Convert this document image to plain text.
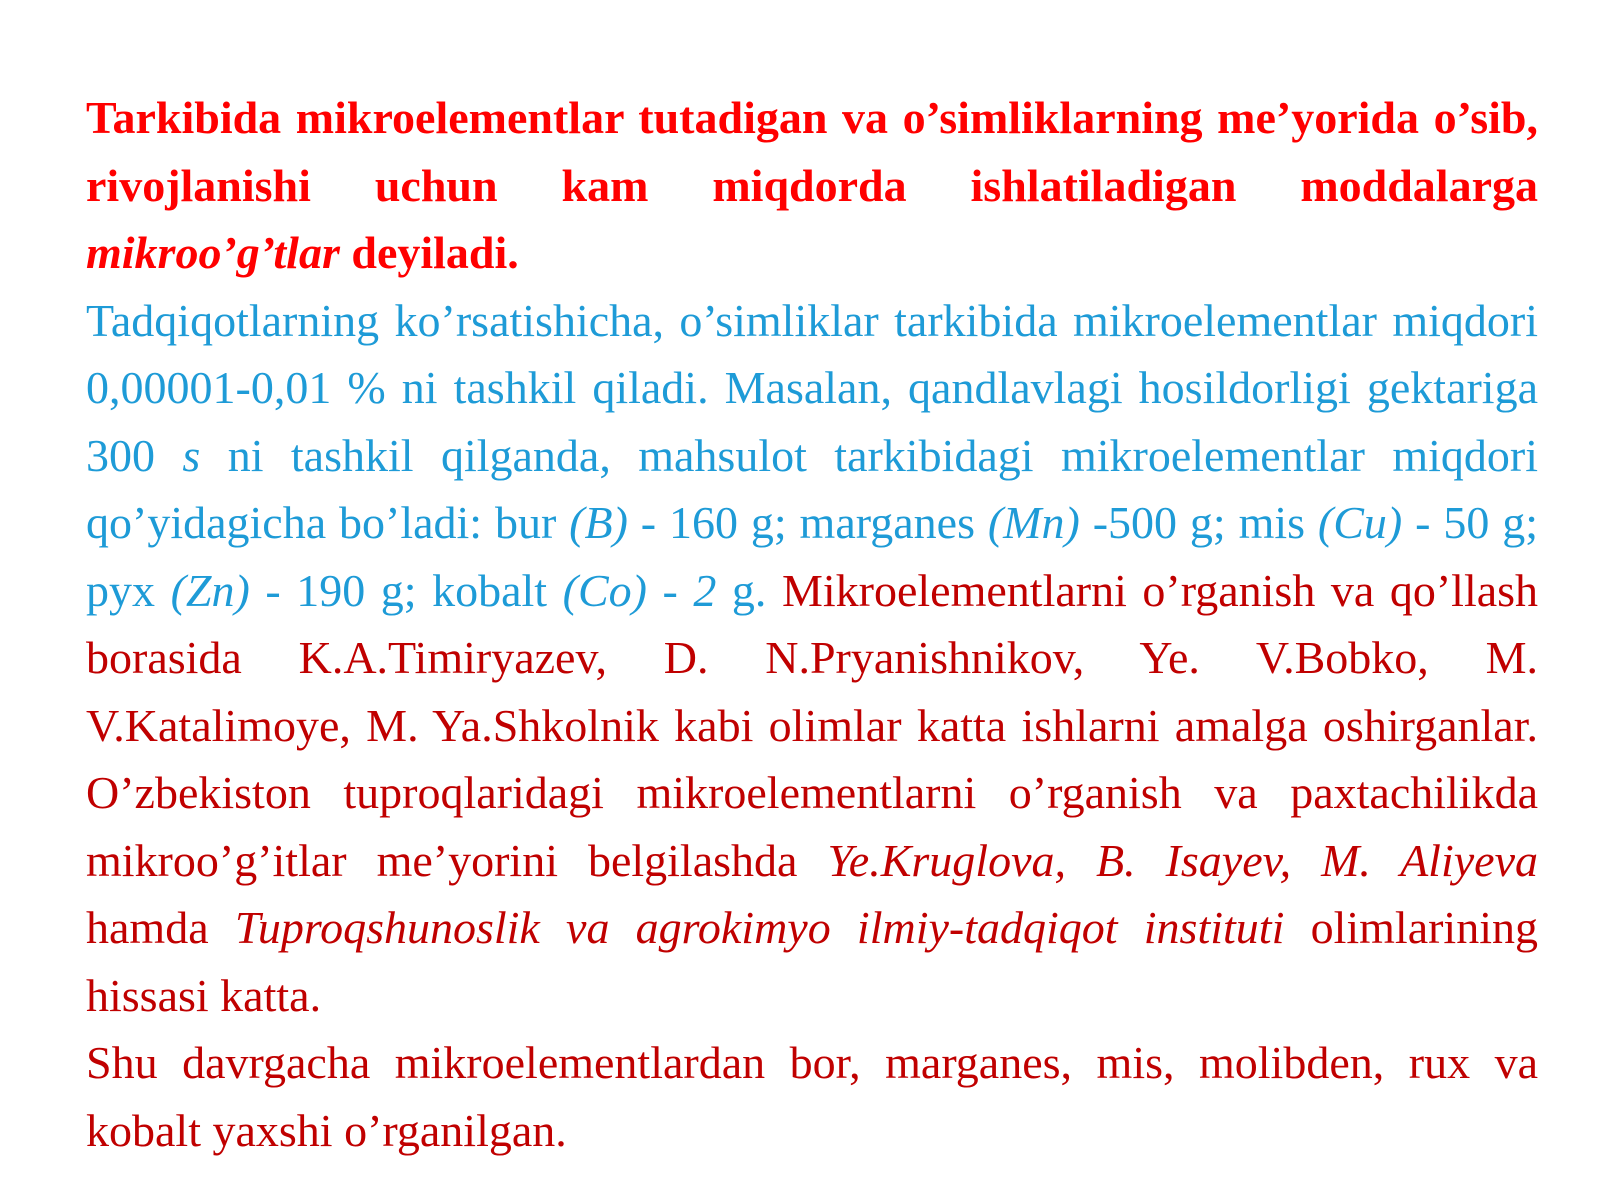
Tarkibida mikroelementlar tutadigan va o’simliklarning me’yorida o’sib, rivojlanishi uchun kam miqdorda ishlatiladigan moddalarga mikroo’g’tlar deyiladi.

Tadqiqotlarning ko’rsatishicha, o’simliklar tarkibida mikroelementlar miqdori 0,00001-0,01 % ni tashkil qiladi. Masalan, qandlavlagi hosildorligi gektariga 300 s ni tashkil qilganda, mahsulot tarkibidagi mikroelementlar miqdori qo’yidagicha bo’ladi: bur (B) - 160 g; marganes (Mn) -500 g; mis (Cu) - 50 g; pyx (Zn) - 190 g; kobalt (Co) - 2 g. Mikroelementlarni o’rganish va qo’llash borasida K.A.Timiryazev, D. N.Pryanishnikov, Ye. V.Bobko, M. V.Katalimoye, M. Ya.Shkolnik kabi olimlar katta ishlarni amalga oshirganlar. O’zbekiston tuproqlaridagi mikroelementlarni o’rganish va paxtachilikda mikroo’g’itlar me’yorini belgilashda Ye.Kruglova, B. Isayev, M. Aliyeva hamda Tuproqshunoslik va agrokimyo ilmiy-tadqiqot instituti olimlarining hissasi katta.

Shu davrgacha mikroelementlardan bor, marganes, mis, molibden, rux va kobalt yaxshi o’rganilgan.
